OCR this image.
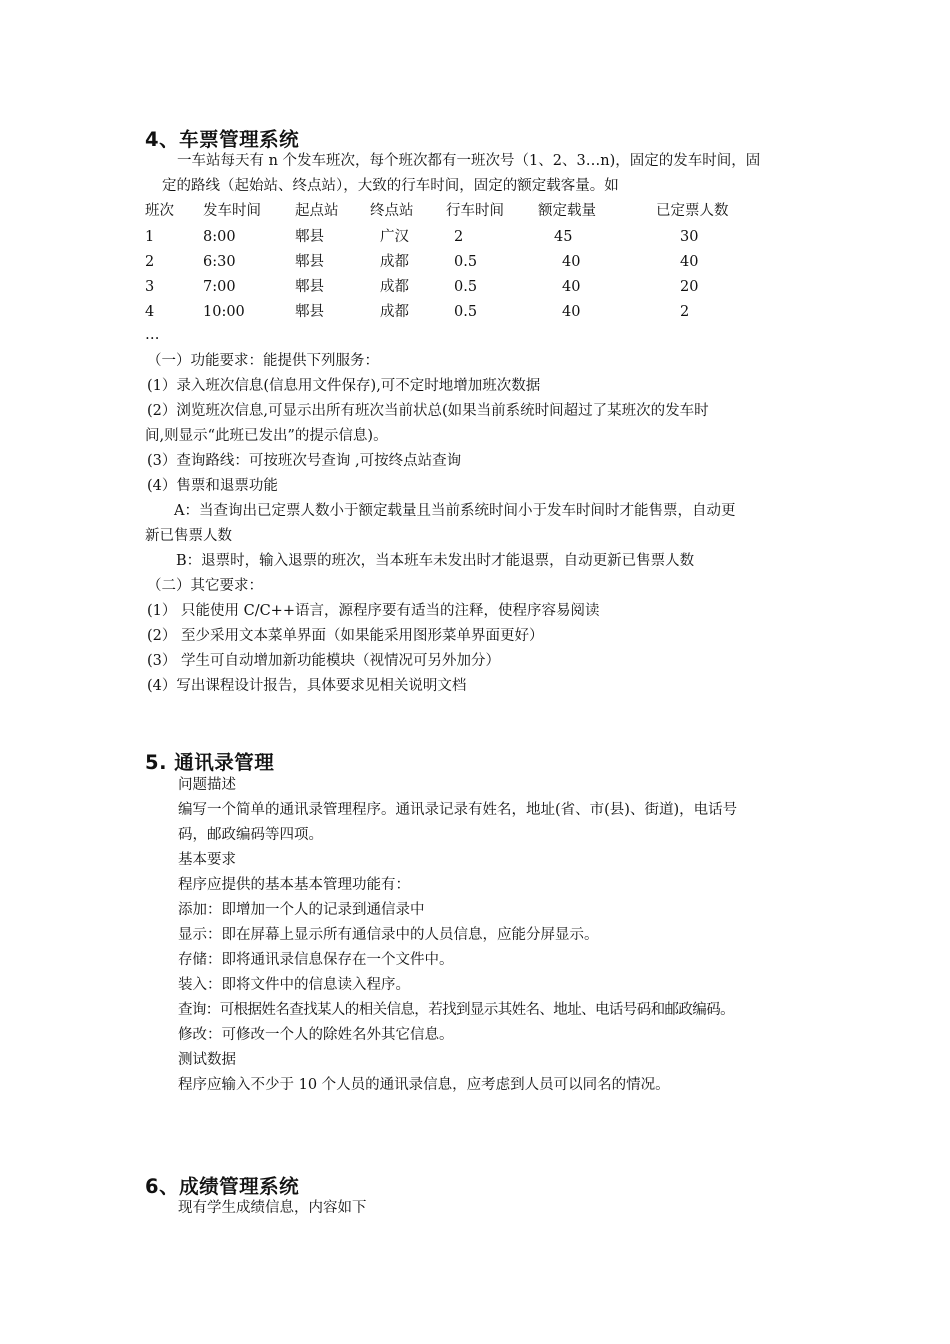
4、车票管理系统
一车站每天有 n 个发车班次，每个班次都有一班次号（1、2、3…n)，固定的发车时间，固
定的路线（起始站、终点站），大致的行车时间，固定的额定载客量。如
班次 发车时间 起点站 终点站 行车时间 额定载量	已定票人数
1	8:00	郫县	广汉	2	45	30
2	6:30	郫县	成都	0.5	40	40
3	7:00	郫县	成都	0.5	40	20
4	10:00	郫县	成都	0.5	40	2
…
（一）功能要求：能提供下列服务：
(1）录入班次信息(信息用文件保存),可不定时地增加班次数据
(2）浏览班次信息,可显示出所有班次当前状总(如果当前系统时间超过了某班次的发车时
间,则显示“此班已发出”的提示信息)。
(3）查询路线：可按班次号查询 ,可按终点站查询
(4）售票和退票功能
A：当查询出已定票人数小于额定载量且当前系统时间小于发车时间时才能售票，自动更
新已售票人数
B：退票时，输入退票的班次，当本班车未发出时才能退票，自动更新已售票人数
（二）其它要求：
(1） 只能使用 C/C++语言，源程序要有适当的注释，使程序容易阅读
(2） 至少采用文本菜单界面（如果能采用图形菜单界面更好）
(3） 学生可自动增加新功能模块（视情况可另外加分）
(4）写出课程设计报告，具体要求见相关说明文档
5. 通讯录管理
问题描述
编写一个简单的通讯录管理程序。通讯录记录有姓名，地址(省、市(县)、街道)，电话号
码，邮政编码等四项。
基本要求
程序应提供的基本基本管理功能有：
添加：即增加一个人的记录到通信录中
显示：即在屏幕上显示所有通信录中的人员信息，应能分屏显示。
存储：即将通讯录信息保存在一个文件中。
装入：即将文件中的信息读入程序。
查询：可根据姓名查找某人的相关信息，若找到显示其姓名、地址、电话号码和邮政编码。
修改：可修改一个人的除姓名外其它信息。
测试数据
程序应输入不少于 10 个人员的通讯录信息，应考虑到人员可以同名的情况。
6、成绩管理系统
现有学生成绩信息，内容如下
